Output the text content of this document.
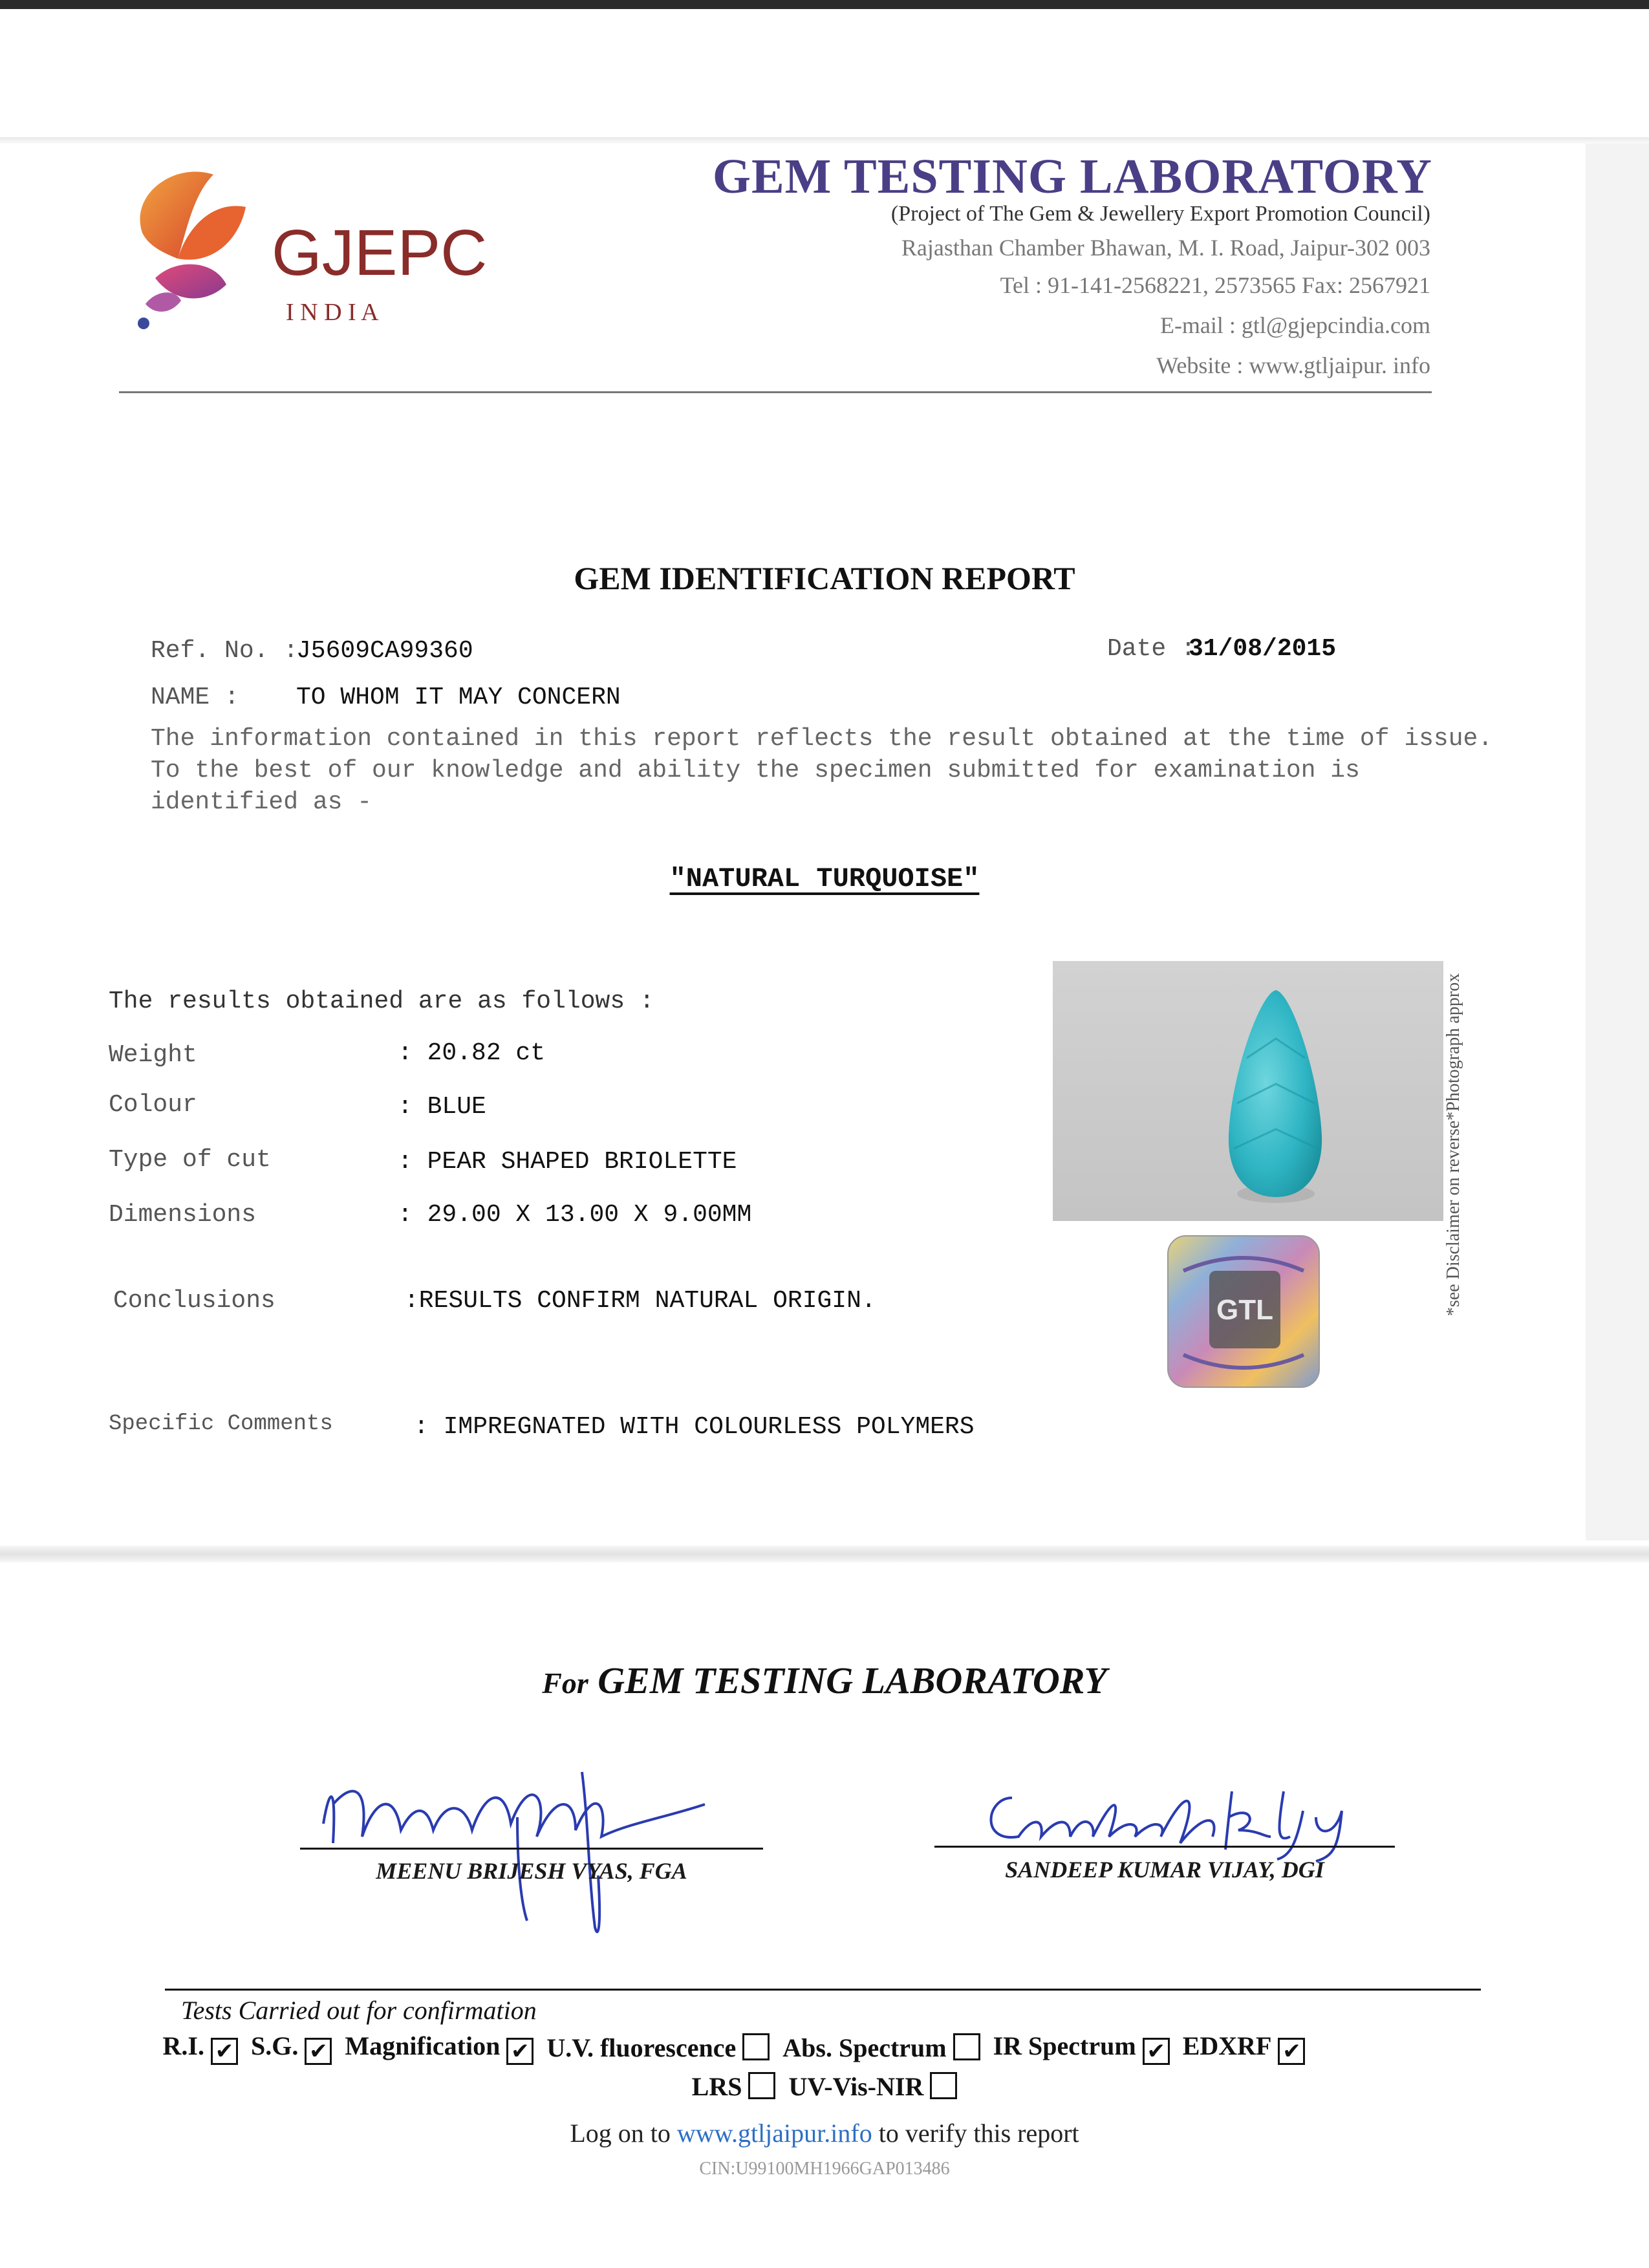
GJEPC
I N D I A
GEM TESTING LABORATORY
(Project of The Gem & Jewellery Export Promotion Council)
Rajasthan Chamber Bhawan, M. I. Road, Jaipur-302 003
Tel : 91-141-2568221, 2573565 Fax: 2567921
E-mail : gtl@gjepcindia.com
Website : www.gtljaipur. info
GEM IDENTIFICATION REPORT
Ref. No. :
J5609CA99360	Date :
31/08/2015
NAME : TO WHOM IT MAY CONCERN
The information contained in this report reflects the result obtained at the time of issue. To the best of our knowledge and ability the specimen submitted for examination is identified as -
"NATURAL TURQUOISE"
The results obtained are as follows :
Weight	: 20.82 ct
Colour	: BLUE
Type of cut	: PEAR SHAPED BRIOLETTE
Dimensions	: 29.00 X 13.00 X 9.00MM
Conclusions	:RESULTS CONFIRM NATURAL ORIGIN.
Specific Comments	: IMPREGNATED WITH COLOURLESS POLYMERS
GTL	*see Disclaimer on reverse*Photograph approx
For GEM TESTING LABORATORY
MEENU BRIJESH VYAS, FGA	SANDEEP KUMAR VIJAY, DGI
Tests Carried out for confirmation
R.I. ✔ S.G. ✔ Magnification ✔ U.V. fluorescence Abs. Spectrum IR Spectrum ✔ EDXRF ✔
LRS UV-Vis-NIR
Log on to www.gtljaipur.info to verify this report
CIN:U99100MH1966GAP013486
